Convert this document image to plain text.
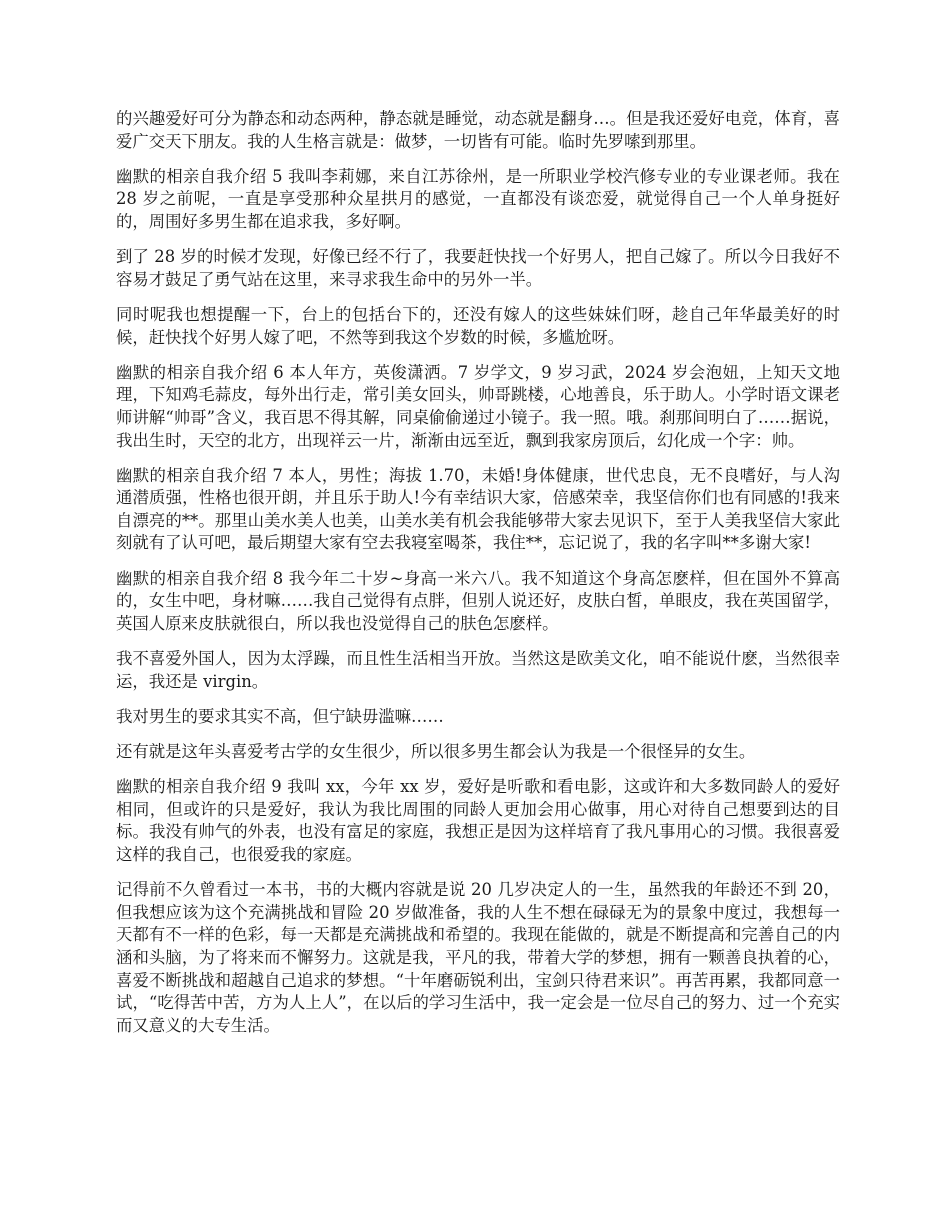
的兴趣爱好可分为静态和动态两种，静态就是睡觉，动态就是翻身…。但是我还爱好电竞，体育，喜爱广交天下朋友。我的人生格言就是：做梦，一切皆有可能。临时先罗嗦到那里。

幽默的相亲自我介绍 5 我叫李莉娜，来自江苏徐州，是一所职业学校汽修专业的专业课老师。我在 28 岁之前呢，一直是享受那种众星拱月的感觉，一直都没有谈恋爱，就觉得自己一个人单身挺好的，周围好多男生都在追求我，多好啊。

到了 28 岁的时候才发现，好像已经不行了，我要赶快找一个好男人，把自己嫁了。所以今日我好不容易才鼓足了勇气站在这里，来寻求我生命中的另外一半。

同时呢我也想提醒一下，台上的包括台下的，还没有嫁人的这些妹妹们呀，趁自己年华最美好的时候，赶快找个好男人嫁了吧，不然等到我这个岁数的时候，多尴尬呀。

幽默的相亲自我介绍 6 本人年方，英俊潇洒。7 岁学文，9 岁习武，2024 岁会泡妞，上知天文地理，下知鸡毛蒜皮，每外出行走，常引美女回头，帅哥跳楼，心地善良，乐于助人。小学时语文课老师讲解“帅哥”含义，我百思不得其解，同桌偷偷递过小镜子。我一照。哦。刹那间明白了……据说，我出生时，天空的北方，出现祥云一片，渐渐由远至近，飘到我家房顶后，幻化成一个字：帅。

幽默的相亲自我介绍 7 本人，男性；海拔 1.70，未婚!身体健康，世代忠良，无不良嗜好，与人沟通潜质强，性格也很开朗，并且乐于助人!今有幸结识大家，倍感荣幸，我坚信你们也有同感的!我来自漂亮的**。那里山美水美人也美，山美水美有机会我能够带大家去见识下，至于人美我坚信大家此刻就有了认可吧，最后期望大家有空去我寝室喝茶，我住**，忘记说了，我的名字叫**多谢大家!

幽默的相亲自我介绍 8 我今年二十岁~身高一米六八。我不知道这个身高怎麽样，但在国外不算高的，女生中吧，身材嘛……我自己觉得有点胖，但别人说还好，皮肤白皙，单眼皮，我在英国留学，英国人原来皮肤就很白，所以我也没觉得自己的肤色怎麽样。

我不喜爱外国人，因为太浮躁，而且性生活相当开放。当然这是欧美文化，咱不能说什麽，当然很幸运，我还是 virgin。

我对男生的要求其实不高，但宁缺毋滥嘛……

还有就是这年头喜爱考古学的女生很少，所以很多男生都会认为我是一个很怪异的女生。

幽默的相亲自我介绍 9 我叫 xx，今年 xx 岁，爱好是听歌和看电影，这或许和大多数同龄人的爱好相同，但或许的只是爱好，我认为我比周围的同龄人更加会用心做事，用心对待自己想要到达的目标。我没有帅气的外表，也没有富足的家庭，我想正是因为这样培育了我凡事用心的习惯。我很喜爱这样的我自己，也很爱我的家庭。

记得前不久曾看过一本书，书的大概内容就是说 20 几岁决定人的一生，虽然我的年龄还不到 20，但我想应该为这个充满挑战和冒险 20 岁做准备，我的人生不想在碌碌无为的景象中度过，我想每一天都有不一样的色彩，每一天都是充满挑战和希望的。我现在能做的，就是不断提高和完善自己的内涵和头脑，为了将来而不懈努力。这就是我，平凡的我，带着大学的梦想，拥有一颗善良执着的心，喜爱不断挑战和超越自己追求的梦想。“十年磨砺锐利出，宝剑只待君来识”。再苦再累，我都同意一试，“吃得苦中苦，方为人上人”，在以后的学习生活中，我一定会是一位尽自己的努力、过一个充实而又意义的大专生活。
